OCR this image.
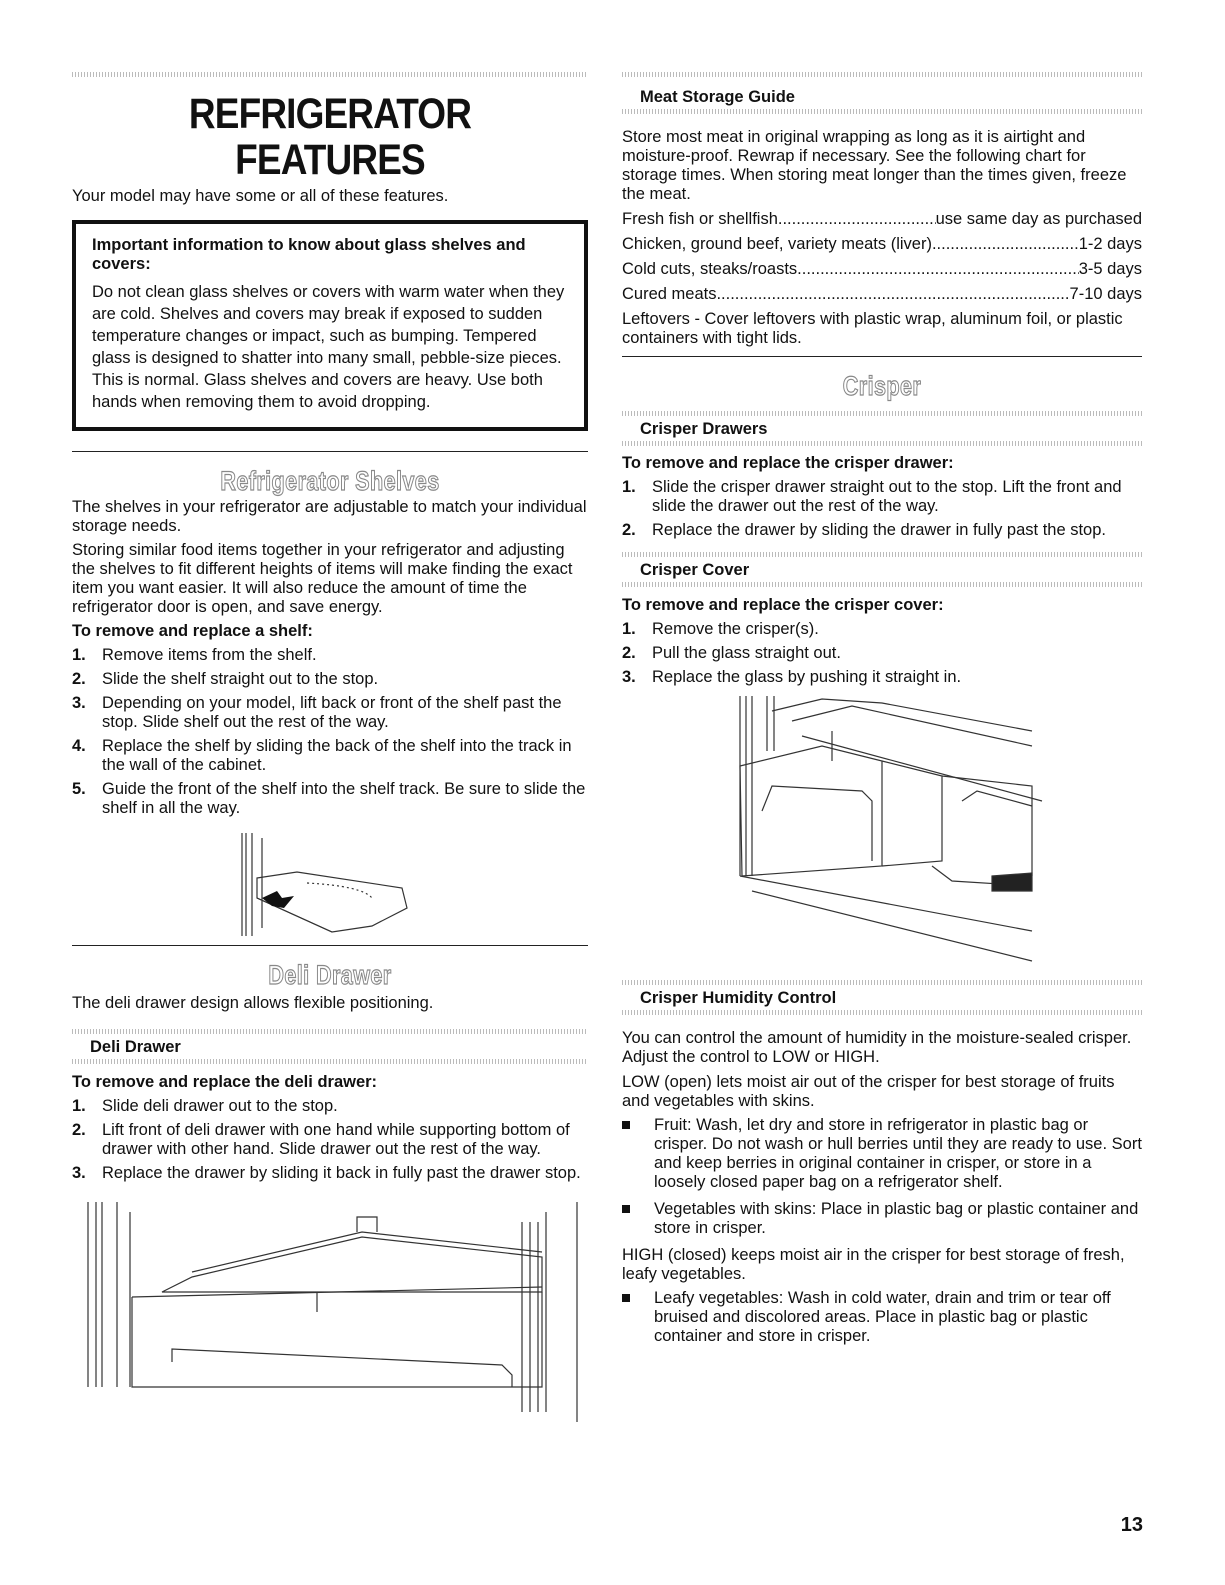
REFRIGERATOR FEATURES

Your model may have some or all of these features.

Important information to know about glass shelves and covers:

Do not clean glass shelves or covers with warm water when they are cold. Shelves and covers may break if exposed to sudden temperature changes or impact, such as bumping. Tempered glass is designed to shatter into many small, pebble-size pieces. This is normal. Glass shelves and covers are heavy. Use both hands when removing them to avoid dropping.

Refrigerator Shelves

The shelves in your refrigerator are adjustable to match your individual storage needs.

Storing similar food items together in your refrigerator and adjusting the shelves to fit different heights of items will make finding the exact item you want easier. It will also reduce the amount of time the refrigerator door is open, and save energy.

To remove and replace a shelf:

1. Remove items from the shelf.
2. Slide the shelf straight out to the stop.
3. Depending on your model, lift back or front of the shelf past the stop. Slide shelf out the rest of the way.
4. Replace the shelf by sliding the back of the shelf into the track in the wall of the cabinet.
5. Guide the front of the shelf into the shelf track. Be sure to slide the shelf in all the way.
Deli Drawer

The deli drawer design allows flexible positioning.

Deli Drawer

To remove and replace the deli drawer:

1. Slide deli drawer out to the stop.
2. Lift front of deli drawer with one hand while supporting bottom of drawer with other hand. Slide drawer out the rest of the way.
3. Replace the drawer by sliding it back in fully past the drawer stop.

Meat Storage Guide

Store most meat in original wrapping as long as it is airtight and moisture-proof. Rewrap if necessary. See the following chart for storage times. When storing meat longer than the times given, freeze the meat.

Fresh fish or shellfish .....	use same day as purchased
Chicken, ground beef, variety meats (liver) .....	1-2 days
Cold cuts, steaks/roasts .....	3-5 days
Cured meats .....	7-10 days

Leftovers - Cover leftovers with plastic wrap, aluminum foil, or plastic containers with tight lids.

Crisper

Crisper Drawers

To remove and replace the crisper drawer:

1. Slide the crisper drawer straight out to the stop. Lift the front and slide the drawer out the rest of the way.
2. Replace the drawer by sliding the drawer in fully past the stop.

Crisper Cover

To remove and replace the crisper cover:

1. Remove the crisper(s).
2. Pull the glass straight out.
3. Replace the glass by pushing it straight in.

Crisper Humidity Control

You can control the amount of humidity in the moisture-sealed crisper. Adjust the control to LOW or HIGH.

LOW (open) lets moist air out of the crisper for best storage of fruits and vegetables with skins.

Fruit: Wash, let dry and store in refrigerator in plastic bag or crisper. Do not wash or hull berries until they are ready to use. Sort and keep berries in original container in crisper, or store in a loosely closed paper bag on a refrigerator shelf.
Vegetables with skins: Place in plastic bag or plastic container and store in crisper.

HIGH (closed) keeps moist air in the crisper for best storage of fresh, leafy vegetables.

Leafy vegetables: Wash in cold water, drain and trim or tear off bruised and discolored areas. Place in plastic bag or plastic container and store in crisper.
13
